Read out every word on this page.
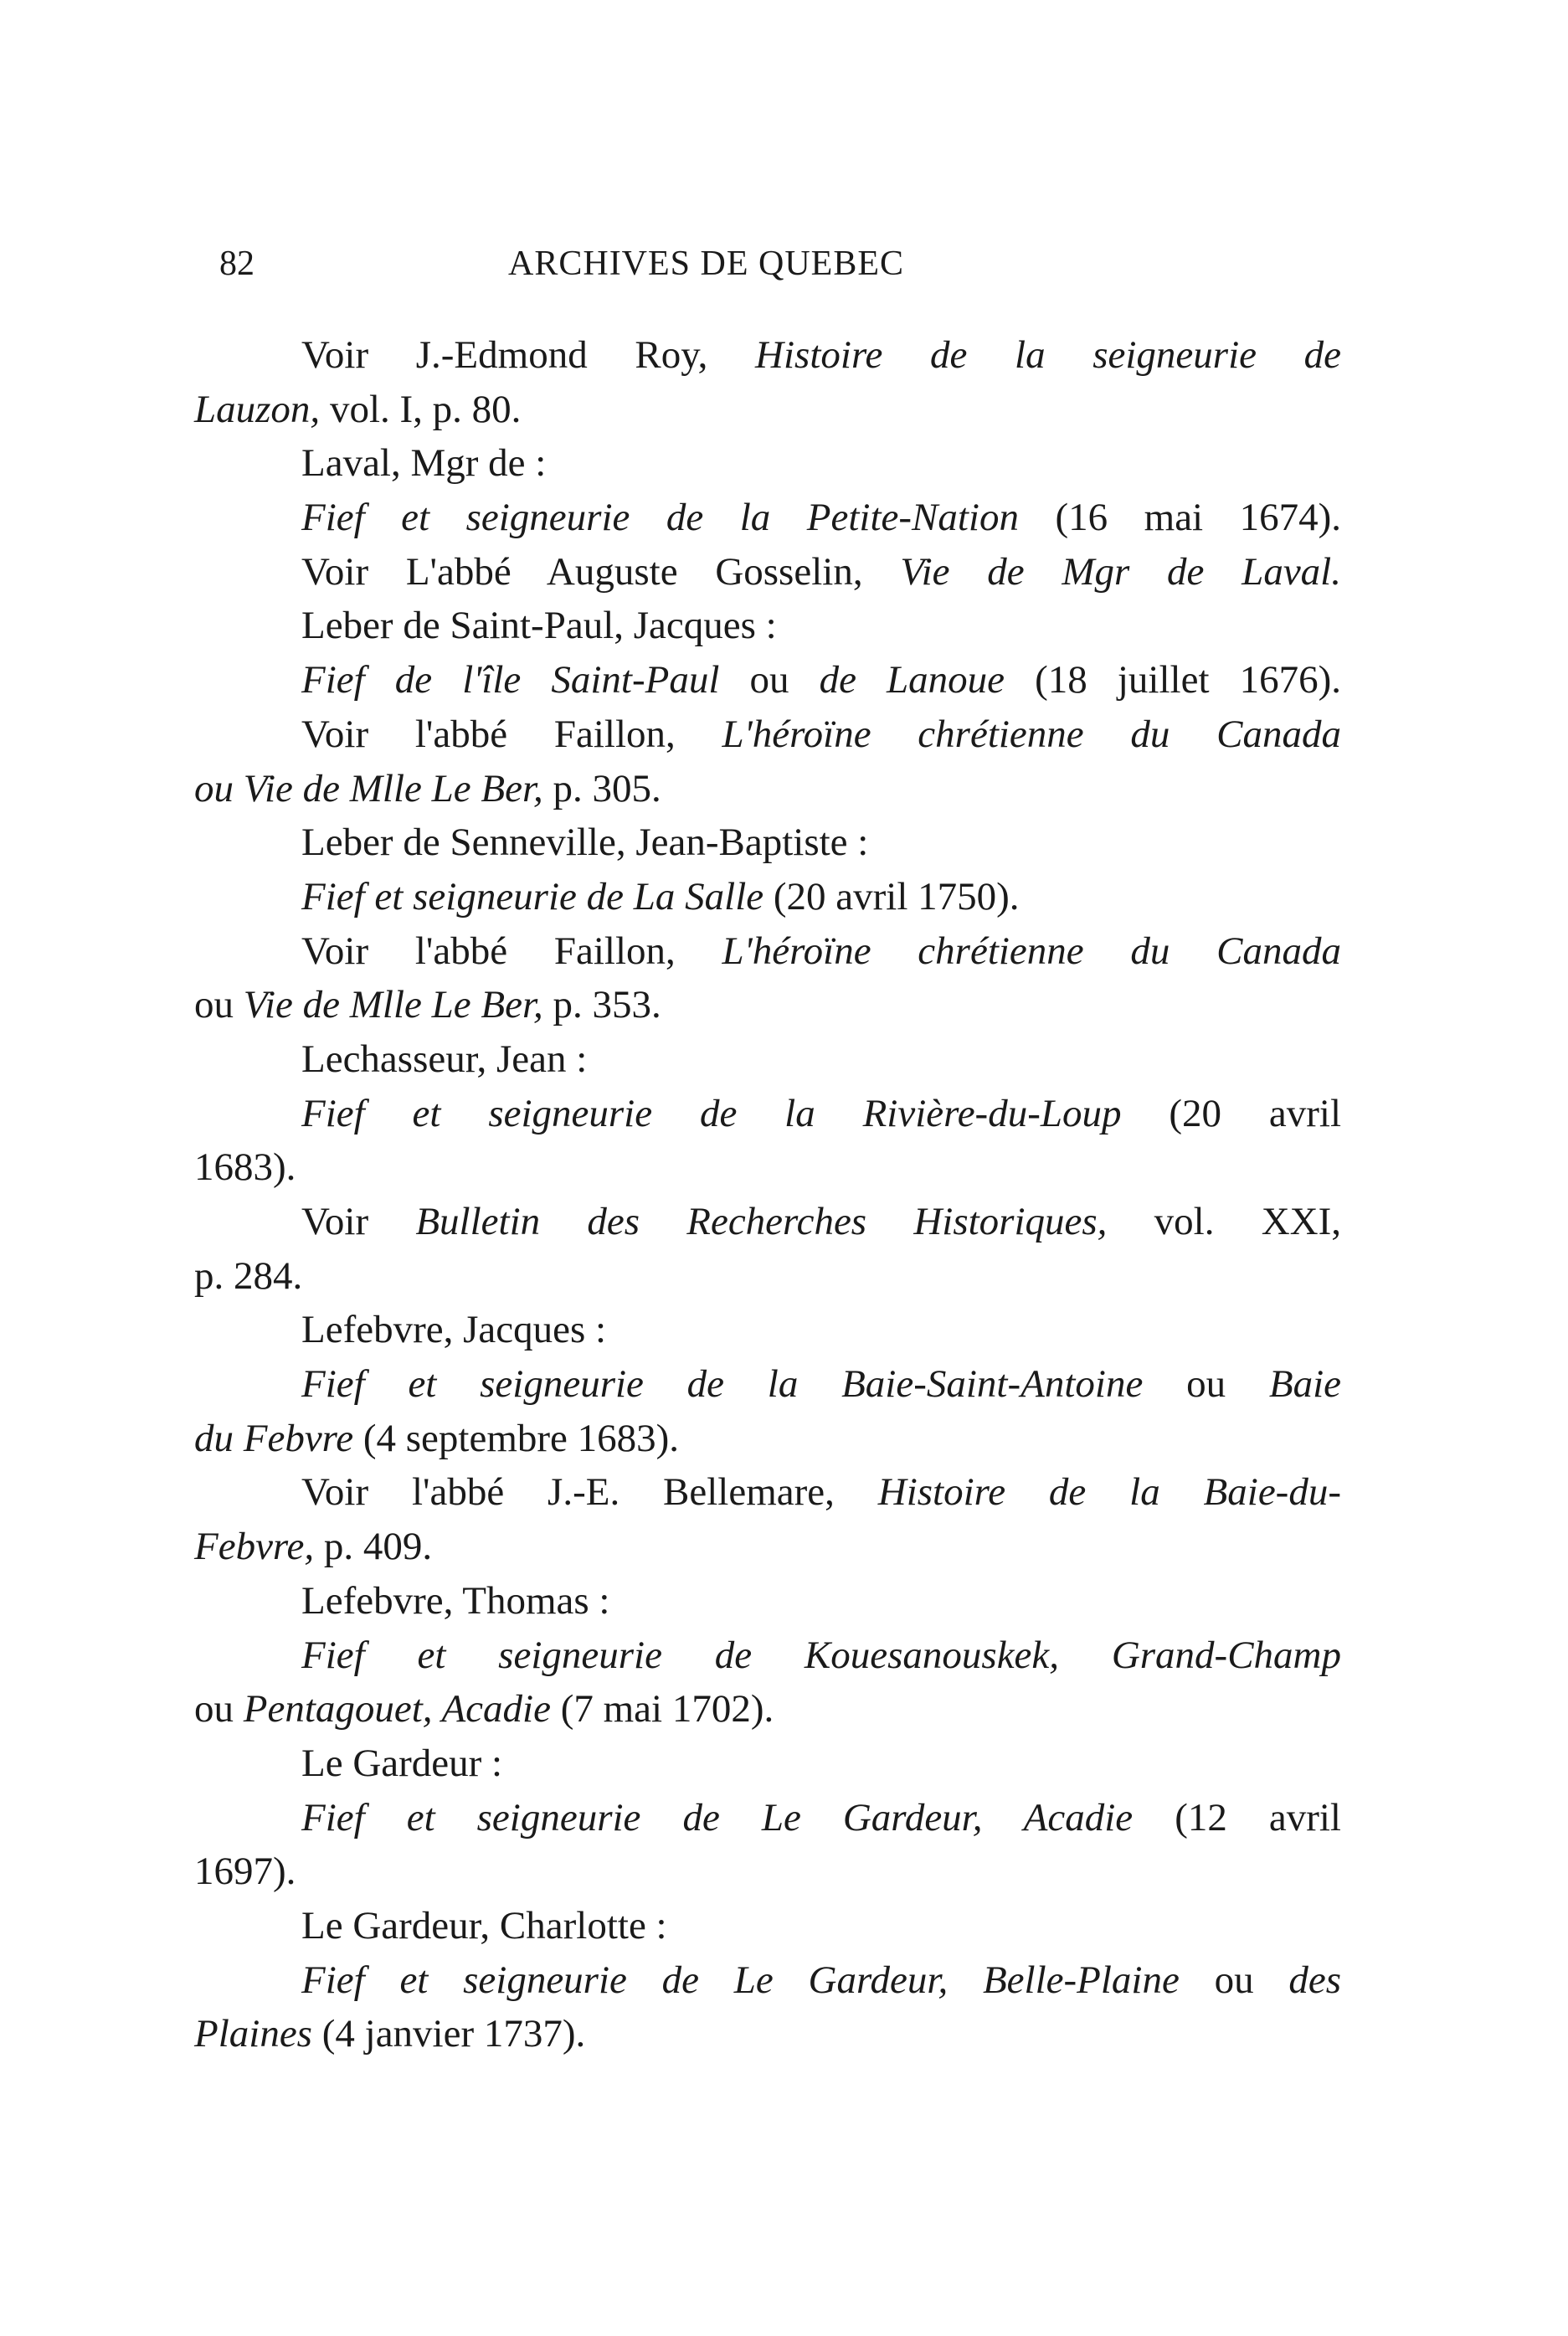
82	ARCHIVES DE QUEBEC
Voir J.-Edmond Roy, Histoire de la seigneurie de
Lauzon, vol. I, p. 80.
Laval, Mgr de :
Fief et seigneurie de la Petite-Nation (16 mai 1674).
Voir L'abbé Auguste Gosselin, Vie de Mgr de Laval.
Leber de Saint-Paul, Jacques :
Fief de l'île Saint-Paul ou de Lanoue (18 juillet 1676).
Voir l'abbé Faillon, L'héroïne chrétienne du Canada
ou Vie de Mlle Le Ber, p. 305.
Leber de Senneville, Jean-Baptiste :
Fief et seigneurie de La Salle (20 avril 1750).
Voir l'abbé Faillon, L'héroïne chrétienne du Canada
ou Vie de Mlle Le Ber, p. 353.
Lechasseur, Jean :
Fief et seigneurie de la Rivière-du-Loup (20 avril
1683).
Voir Bulletin des Recherches Historiques, vol. XXI,
p. 284.
Lefebvre, Jacques :
Fief et seigneurie de la Baie-Saint-Antoine ou Baie
du Febvre (4 septembre 1683).
Voir l'abbé J.-E. Bellemare, Histoire de la Baie-du-
Febvre, p. 409.
Lefebvre, Thomas :
Fief et seigneurie de Kouesanouskek, Grand-Champ
ou Pentagouet, Acadie (7 mai 1702).
Le Gardeur :
Fief et seigneurie de Le Gardeur, Acadie (12 avril
1697).
Le Gardeur, Charlotte :
Fief et seigneurie de Le Gardeur, Belle-Plaine ou des
Plaines (4 janvier 1737).
